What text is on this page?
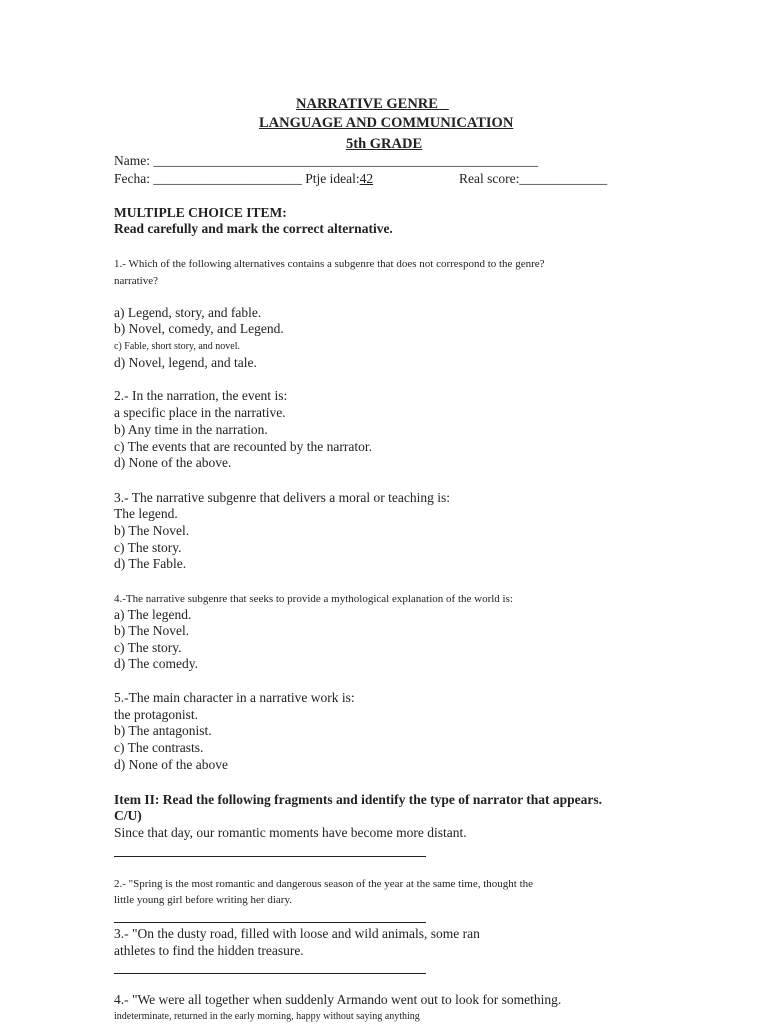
NARRATIVE GENRE
LANGUAGE AND COMMUNICATION
5th GRADE
Name: _________________________________________________________
Fecha: ______________________ Ptje ideal:42	Real score:_____________
MULTIPLE CHOICE ITEM:
Read carefully and mark the correct alternative.
1.- Which of the following alternatives contains a subgenre that does not correspond to the genre?
narrative?
a) Legend, story, and fable.
b) Novel, comedy, and Legend.
c) Fable, short story, and novel.
d) Novel, legend, and tale.
2.- In the narration, the event is:
a specific place in the narrative.
b) Any time in the narration.
c) The events that are recounted by the narrator.
d) None of the above.
3.- The narrative subgenre that delivers a moral or teaching is:
The legend.
b) The Novel.
c) The story.
d) The Fable.
4.-The narrative subgenre that seeks to provide a mythological explanation of the world is:
a) The legend.
b) The Novel.
c) The story.
d) The comedy.
5.-The main character in a narrative work is:
the protagonist.
b) The antagonist.
c) The contrasts.
d) None of the above
Item II: Read the following fragments and identify the type of narrator that appears.
C/U)
Since that day, our romantic moments have become more distant.
2.- "Spring is the most romantic and dangerous season of the year at the same time, thought the
little young girl before writing her diary.
3.- "On the dusty road, filled with loose and wild animals, some ran
athletes to find the hidden treasure.
4.- "We were all together when suddenly Armando went out to look for something.
indeterminate, returned in the early morning, happy without saying anything
